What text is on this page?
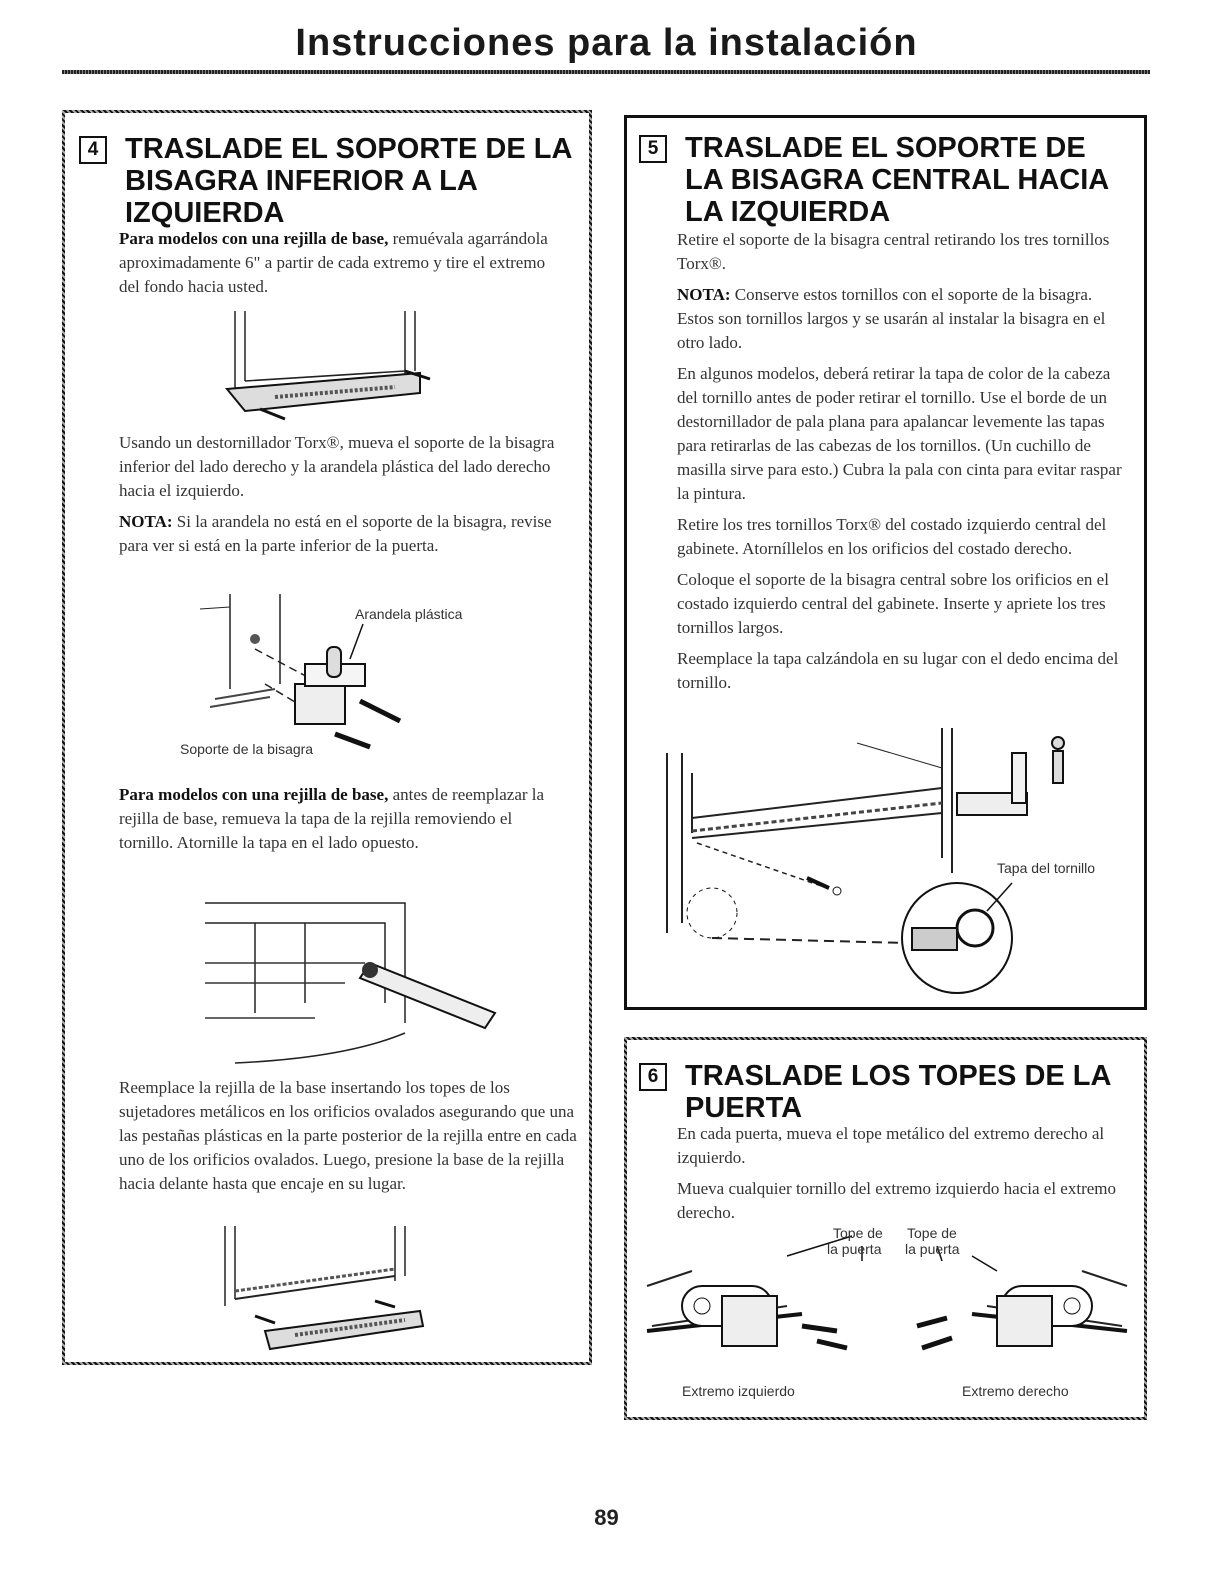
Instrucciones para la instalación
4 TRASLADE EL SOPORTE DE LA BISAGRA INFERIOR A LA IZQUIERDA

Para modelos con una rejilla de base, remuévala agarrándola aproximadamente 6" a partir de cada extremo y tire el extremo del fondo hacia usted.

Usando un destornillador Torx®, mueva el soporte de la bisagra inferior del lado derecho y la arandela plástica del lado derecho hacia el izquierdo.

NOTA: Si la arandela no está en el soporte de la bisagra, revise para ver si está en la parte inferior de la puerta.

Arandela plástica
Soporte de la bisagra

Para modelos con una rejilla de base, antes de reemplazar la rejilla de base, remueva la tapa de la rejilla removiendo el tornillo. Atornille la tapa en el lado opuesto.

Reemplace la rejilla de la base insertando los topes de los sujetadores metálicos en los orificios ovalados asegurando que una las pestañas plásticas en la parte posterior de la rejilla entre en cada uno de los orificios ovalados. Luego, presione la base de la rejilla hacia delante hasta que encaje en su lugar.

5 TRASLADE EL SOPORTE DE LA BISAGRA CENTRAL HACIA LA IZQUIERDA

Retire el soporte de la bisagra central retirando los tres tornillos Torx®.

NOTA: Conserve estos tornillos con el soporte de la bisagra. Estos son tornillos largos y se usarán al instalar la bisagra en el otro lado.

En algunos modelos, deberá retirar la tapa de color de la cabeza del tornillo antes de poder retirar el tornillo. Use el borde de un destornillador de pala plana para apalancar levemente las tapas para retirarlas de las cabezas de los tornillos. (Un cuchillo de masilla sirve para esto.) Cubra la pala con cinta para evitar raspar la pintura.

Retire los tres tornillos Torx® del costado izquierdo central del gabinete. Atorníllelos en los orificios del costado derecho.

Coloque el soporte de la bisagra central sobre los orificios en el costado izquierdo central del gabinete. Inserte y apriete los tres tornillos largos.

Reemplace la tapa calzándola en su lugar con el dedo encima del tornillo.

Tapa del tornillo
6 TRASLADE LOS TOPES DE LA PUERTA

En cada puerta, mueva el tope metálico del extremo derecho al izquierdo.

Mueva cualquier tornillo del extremo izquierdo hacia el extremo derecho.

Tope de
la puerta
Tope de
la puerta
Extremo izquierdo	Extremo derecho
89
